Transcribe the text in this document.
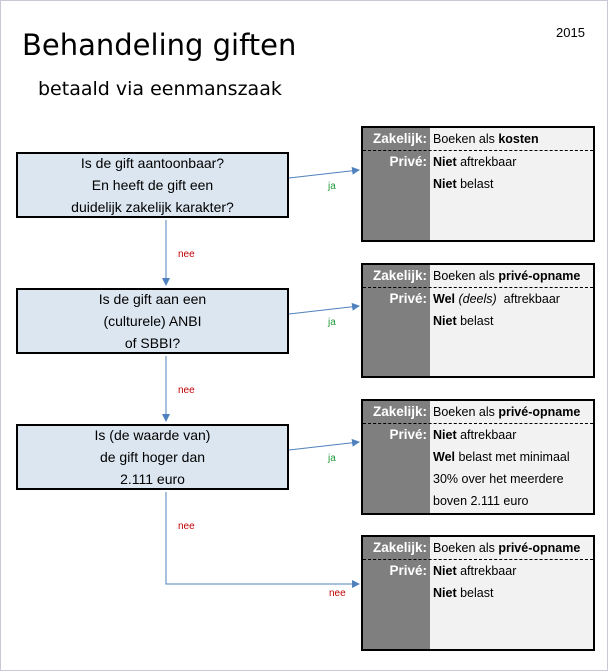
Behandeling giften
betaald via eenmanszaak
2015
Is de gift aantoonbaar?
En heeft de gift een
duidelijk zakelijk karakter?
Is de gift aan een
(culturele) ANBI
of SBBI?
Is (de waarde van)
de gift hoger dan
2.111 euro
ja
ja
ja
nee
nee
nee
nee
Zakelijk: Boeken als kosten
Privé: Niet aftrekbaar
Niet belast
Zakelijk: Boeken als privé-opname
Privé: Wel (deels)  aftrekbaar
Niet belast
Zakelijk: Boeken als privé-opname
Privé: Niet aftrekbaar
Wel belast met minimaal
30% over het meerdere
boven 2.111 euro
Zakelijk: Boeken als privé-opname
Privé: Niet aftrekbaar
Niet belast
